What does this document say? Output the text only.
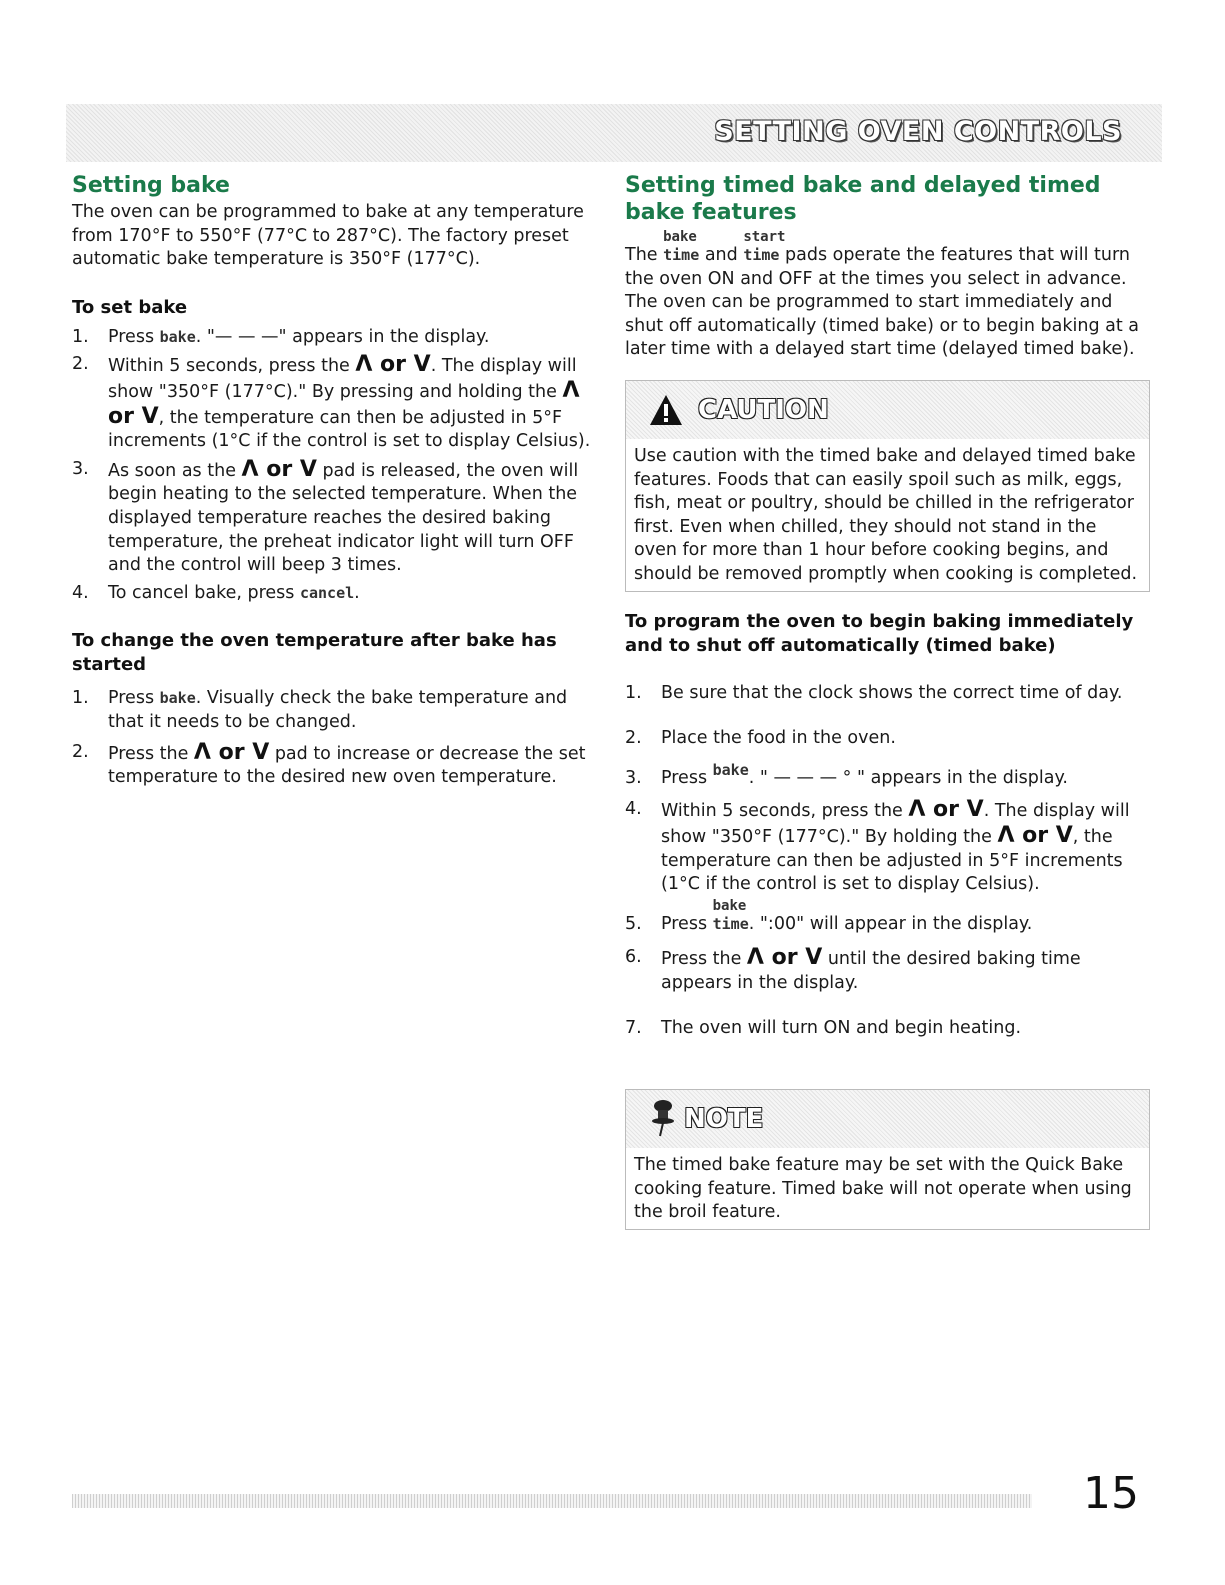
SETTING OVEN CONTROLS
Setting bake

The oven can be programmed to bake at any temperature from 170°F to 550°F (77°C to 287°C). The factory preset automatic bake temperature is 350°F (177°C).

To set bake
1. Press bake. "— — —" appears in the display.
2. Within 5 seconds, press the Λ or V. The display will show "350°F (177°C)." By pressing and holding the Λ or V, the temperature can then be adjusted in 5°F increments (1°C if the control is set to display Celsius).
3. As soon as the Λ or V pad is released, the oven will begin heating to the selected temperature. When the displayed temperature reaches the desired baking temperature, the preheat indicator light will turn OFF and the control will beep 3 times.
4. To cancel bake, press cancel.
To change the oven temperature after bake has started
1. Press bake. Visually check the bake temperature and that it needs to be changed.
2. Press the Λ or V pad to increase or decrease the set temperature to the desired new oven temperature.
Setting timed bake and delayed timed bake features

The
bake
time and
start
time pads operate the features that will turn the oven ON and OFF at the times you select in advance. The oven can be programmed to start immediately and shut off automatically (timed bake) or to begin baking at a later time with a delayed start time (delayed timed bake).

CAUTION

Use caution with the timed bake and delayed timed bake features. Foods that can easily spoil such as milk, eggs, fish, meat or poultry, should be chilled in the refrigerator first. Even when chilled, they should not stand in the oven for more than 1 hour before cooking begins, and should be removed promptly when cooking is completed.

To program the oven to begin baking immediately and to shut off automatically (timed bake)
1. Be sure that the clock shows the correct time of day.
2. Place the food in the oven.
3. Press bake. " — — — ° " appears in the display.
4. Within 5 seconds, press the Λ or V. The display will show "350°F (177°C)." By holding the Λ or V, the temperature can then be adjusted in 5°F increments (1°C if the control is set to display Celsius).
5. Press
bake
time. ":00" will appear in the display.
6. Press the Λ or V until the desired baking time appears in the display.
7. The oven will turn ON and begin heating.
NOTE

The timed bake feature may be set with the Quick Bake cooking feature. Timed bake will not operate when using the broil feature.

15
